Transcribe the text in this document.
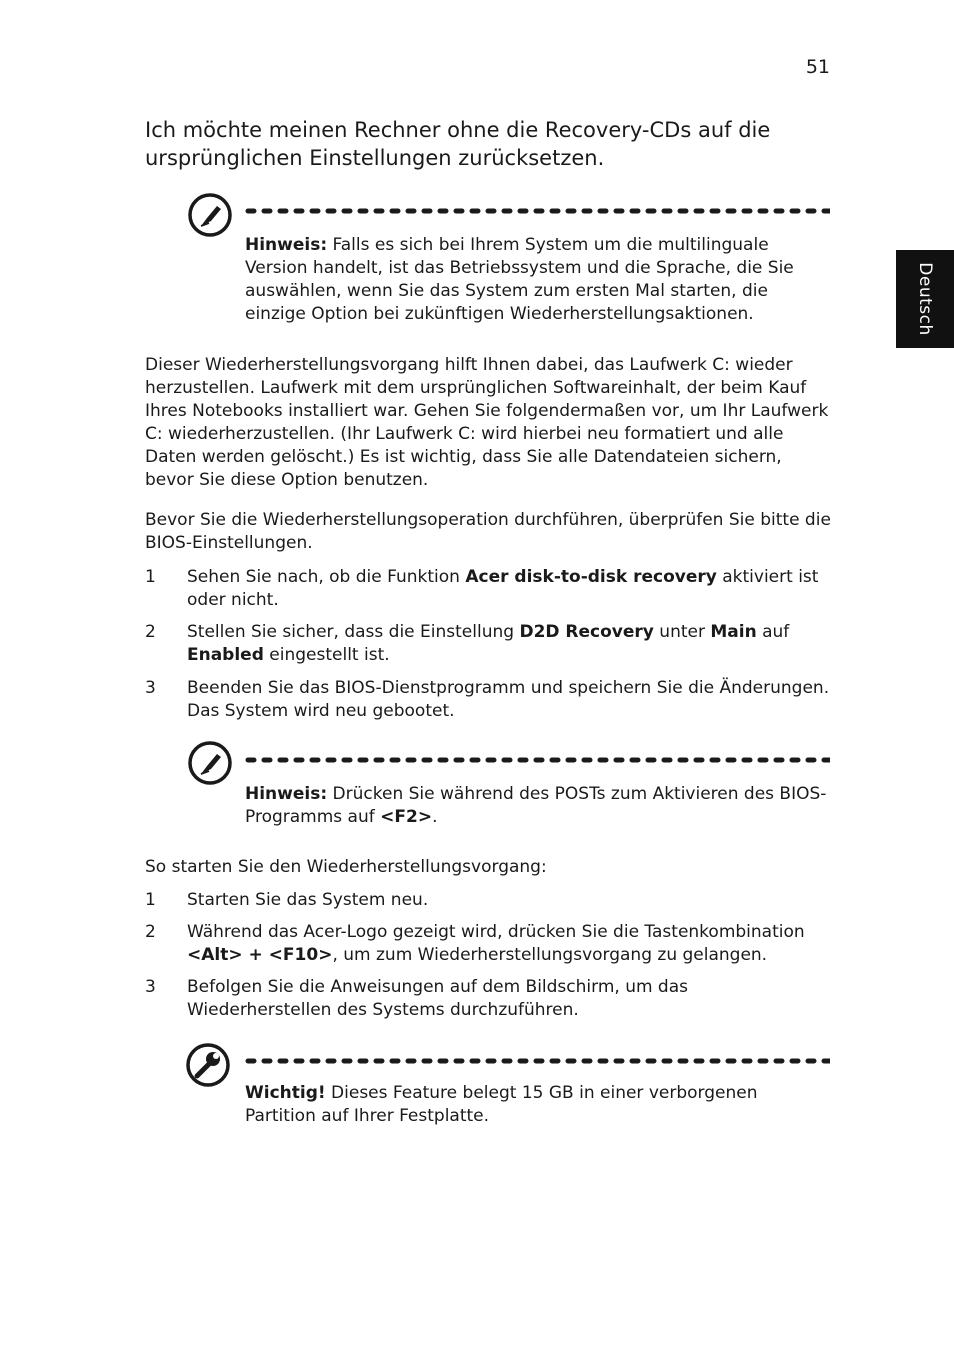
51
Deutsch
Ich möchte meinen Rechner ohne die Recovery-CDs auf die ursprünglichen Einstellungen zurücksetzen.
Hinweis: Falls es sich bei Ihrem System um die multilinguale Version handelt, ist das Betriebssystem und die Sprache, die Sie auswählen, wenn Sie das System zum ersten Mal starten, die einzige Option bei zukünftigen Wiederherstellungsaktionen.
Dieser Wiederherstellungsvorgang hilft Ihnen dabei, das Laufwerk C: wieder herzustellen. Laufwerk mit dem ursprünglichen Softwareinhalt, der beim Kauf Ihres Notebooks installiert war. Gehen Sie folgendermaßen vor, um Ihr Laufwerk C: wiederherzustellen. (Ihr Laufwerk C: wird hierbei neu formatiert und alle Daten werden gelöscht.) Es ist wichtig, dass Sie alle Datendateien sichern, bevor Sie diese Option benutzen.
Bevor Sie die Wiederherstellungsoperation durchführen, überprüfen Sie bitte die BIOS-Einstellungen.
1 Sehen Sie nach, ob die Funktion Acer disk-to-disk recovery aktiviert ist oder nicht.
2 Stellen Sie sicher, dass die Einstellung D2D Recovery unter Main auf Enabled eingestellt ist.
3 Beenden Sie das BIOS-Dienstprogramm und speichern Sie die Änderungen. Das System wird neu gebootet.
Hinweis: Drücken Sie während des POSTs zum Aktivieren des BIOS-Programms auf <F2>.
So starten Sie den Wiederherstellungsvorgang:
1 Starten Sie das System neu.
2 Während das Acer-Logo gezeigt wird, drücken Sie die Tastenkombination <Alt> + <F10>, um zum Wiederherstellungsvorgang zu gelangen.
3 Befolgen Sie die Anweisungen auf dem Bildschirm, um das Wiederherstellen des Systems durchzuführen.
Wichtig! Dieses Feature belegt 15 GB in einer verborgenen Partition auf Ihrer Festplatte.
